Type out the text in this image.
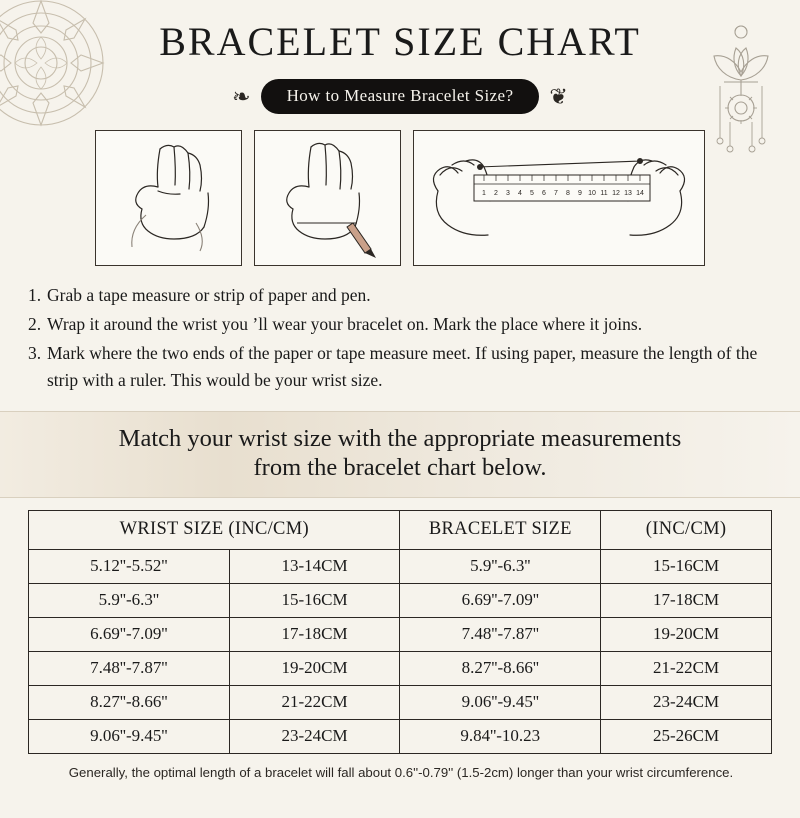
BRACELET SIZE CHART
❧	How to Measure Bracelet Size?	❦
1 2 3 4 5 6 7 8 9 10 11 12 13 14
1. Grab a tape measure or strip of paper and pen.
2. Wrap it around the wrist you ’ll wear your bracelet on. Mark the place where it joins.
3. Mark where the two ends of the paper or tape measure meet. If using paper, measure the length of the strip with a ruler. This would be your wrist size.
Match your wrist size with the appropriate measurements
from the bracelet chart below.
WRIST SIZE (INC/CM)		BRACELET SIZE	(INC/CM)
5.12''-5.52''	13-14CM	5.9''-6.3''	15-16CM
5.9''-6.3''	15-16CM	6.69''-7.09''	17-18CM
6.69''-7.09''	17-18CM	7.48''-7.87''	19-20CM
7.48''-7.87''	19-20CM	8.27''-8.66''	21-22CM
8.27''-8.66''	21-22CM	9.06''-9.45''	23-24CM
9.06''-9.45''	23-24CM	9.84''-10.23	25-26CM
Generally, the optimal length of a bracelet will fall about 0.6''-0.79'' (1.5-2cm) longer than your wrist circumference.
